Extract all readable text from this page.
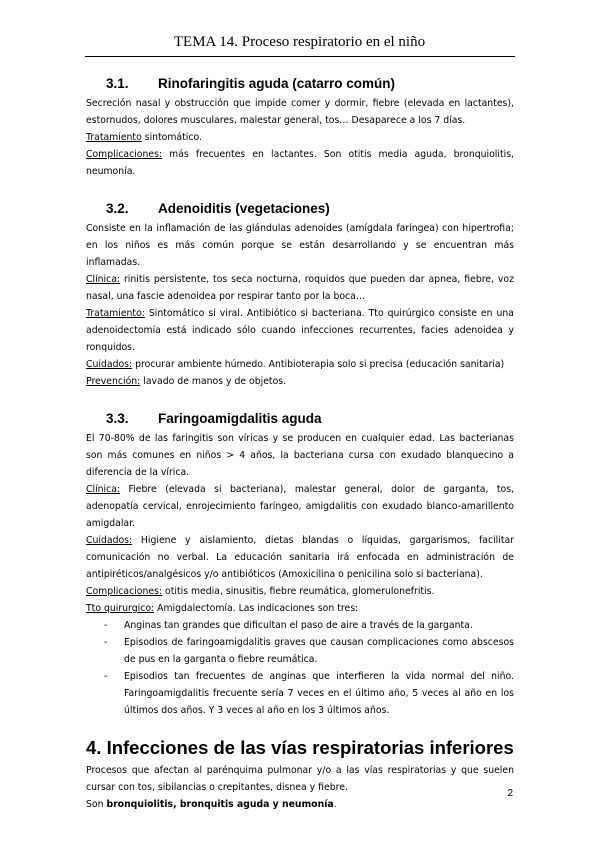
TEMA 14. Proceso respiratorio en el niño
3.1. Rinofaringitis aguda (catarro común)

Secreción nasal y obstrucción que impide comer y dormir, fiebre (elevada en lactantes), estornudos, dolores musculares, malestar general, tos… Desaparece a los 7 días.

Tratamiento sintomático.

Complicaciones: más frecuentes en lactantes. Son otitis media aguda, bronquiolitis, neumonía.

3.2. Adenoiditis (vegetaciones)

Consiste en la inflamación de las glándulas adenoides (amígdala faríngea) con hipertrofia; en los niños es más común porque se están desarrollando y se encuentran más inflamadas.

Clínica: rinitis persistente, tos seca nocturna, roquidos que pueden dar apnea, fiebre, voz nasal, una fascie adenoidea por respirar tanto por la boca…

Tratamiento: Sintomático si viral. Antibiótico si bacteriana. Tto quirúrgico consiste en una adenoidectomía está indicado sólo cuando infecciones recurrentes, facies adenoidea y ronquidos.

Cuidados: procurar ambiente húmedo. Antibioterapia solo si precisa (educación sanitaria)

Prevención: lavado de manos y de objetos.

3.3. Faringoamigdalitis aguda

El 70-80% de las faringitis son víricas y se producen en cualquier edad. Las bacterianas son más comunes en niños > 4 años, la bacteriana cursa con exudado blanquecino a diferencia de la vírica.

Clínica: Fiebre (elevada si bacteriana), malestar general, dolor de garganta, tos, adenopatía cervical, enrojecimiento faríngeo, amigdalitis con exudado blanco-amarillento amigdalar.

Cuidados: Higiene y aislamiento, dietas blandas o líquidas, gargarismos, facilitar comunicación no verbal. La educación sanitaria irá enfocada en administración de antipiréticos/analgésicos y/o antibióticos (Amoxicilina o penicilina solo si bacteriana).

Complicaciones: otitis media, sinusitis, fiebre reumática, glomerulonefritis.

Tto quirurgico: Amigdalectomía. Las indicaciones son tres:

- Anginas tan grandes que dificultan el paso de aire a través de la garganta.
- Episodios de faringoamigdalitis graves que causan complicaciones como abscesos de pus en la garganta o fiebre reumática.
- Episodios tan frecuentes de anginas que interfieren la vida normal del niño. Faringoamigdalitis frecuente sería 7 veces en el último año, 5 veces al año en los últimos dos años. Y 3 veces al año en los 3 últimos años.
4. Infecciones de las vías respiratorias inferiores

Procesos que afectan al parénquima pulmonar y/o a las vías respiratorias y que suelen cursar con tos, sibilancias o crepitantes, disnea y fiebre.

Son bronquiolitis, bronquitis aguda y neumonía.

2
